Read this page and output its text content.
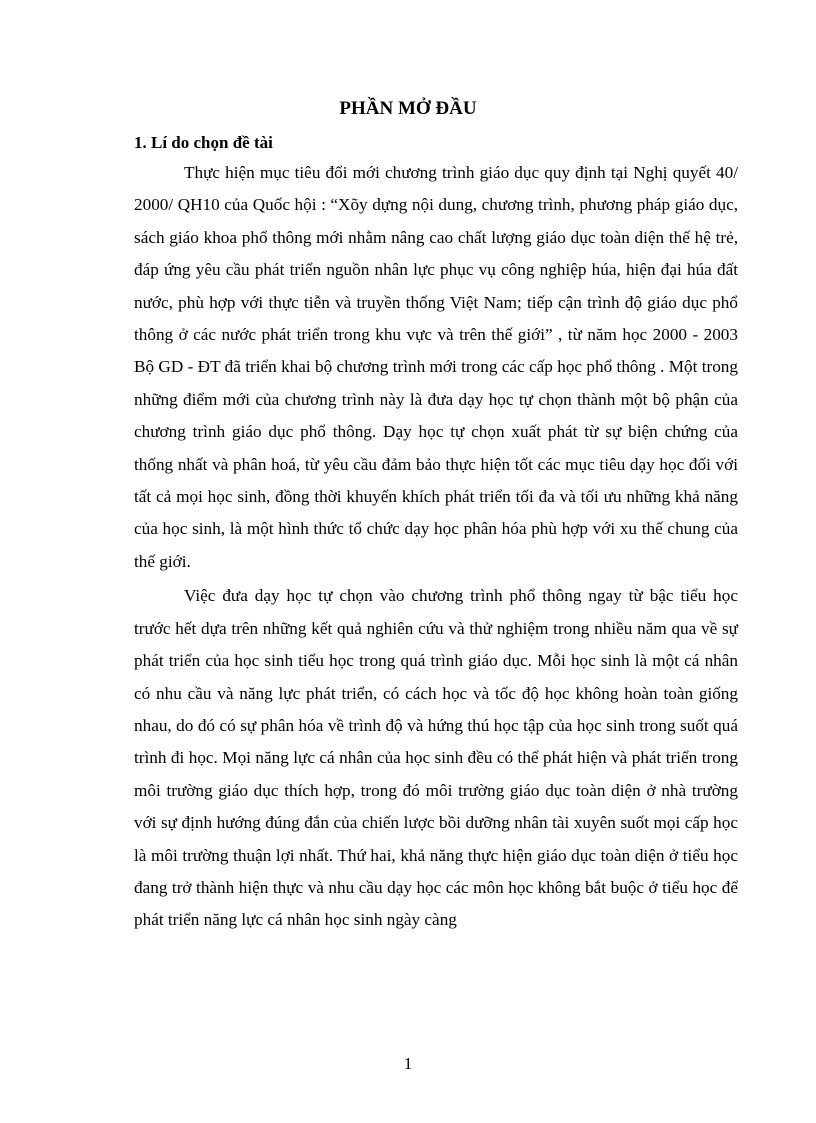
PHẦN MỞ ĐẦU
1. Lí do chọn đề tài

Thực hiện mục tiêu đổi mới chương trình giáo dục quy định tại Nghị quyết 40/ 2000/ QH10 của Quốc hội : “Xõy dựng nội dung, chương trình, phương pháp giáo dục, sách giáo khoa phổ thông mới nhằm nâng cao chất lượng giáo dục toàn diện thế hệ trẻ, đáp ứng yêu cầu phát triển nguồn nhân lực phục vụ công nghiệp húa, hiện đại húa đất nước, phù hợp với thực tiễn và truyền thống Việt Nam; tiếp cận trình độ giáo dục phổ thông ở các nước phát triển trong khu vực và trên thế giới” , từ năm học 2000 - 2003 Bộ GD - ĐT đã triển khai bộ chương trình mới trong các cấp học phổ thông . Một trong những điểm mới của chương trình này là đưa dạy học tự chọn thành một bộ phận của chương trình giáo dục phổ thông. Dạy học tự chọn xuất phát từ sự biện chứng của thống nhất và phân hoá, từ yêu cầu đảm bảo thực hiện tốt các mục tiêu dạy học đối với tất cả mọi học sinh, đồng thời khuyến khích phát triển tối đa và tối ưu những khả năng của học sinh, là một hình thức tổ chức dạy học phân hóa phù hợp với xu thế chung của thế giới.

Việc đưa dạy học tự chọn vào chương trình phổ thông ngay từ bậc tiểu học trước hết dựa trên những kết quả nghiên cứu và thử nghiệm trong nhiều năm qua về sự phát triển của học sinh tiểu học trong quá trình giáo dục. Mỗi học sinh là một cá nhân có nhu cầu và năng lực phát triển, có cách học và tốc độ học không hoàn toàn giống nhau, do đó có sự phân hóa về trình độ và hứng thú học tập của học sinh trong suốt quá trình đi học. Mọi năng lực cá nhân của học sinh đều có thể phát hiện và phát triển trong môi trường giáo dục thích hợp, trong đó môi trường giáo dục toàn diện ở nhà trường với sự định hướng đúng đắn của chiến lược bồi dưỡng nhân tài xuyên suốt mọi cấp học là môi trường thuận lợi nhất. Thứ hai, khả năng thực hiện giáo dục toàn diện ở tiểu học đang trở thành hiện thực và nhu cầu dạy học các môn học không bắt buộc ở tiểu học để phát triển năng lực cá nhân học sinh ngày càng

1
